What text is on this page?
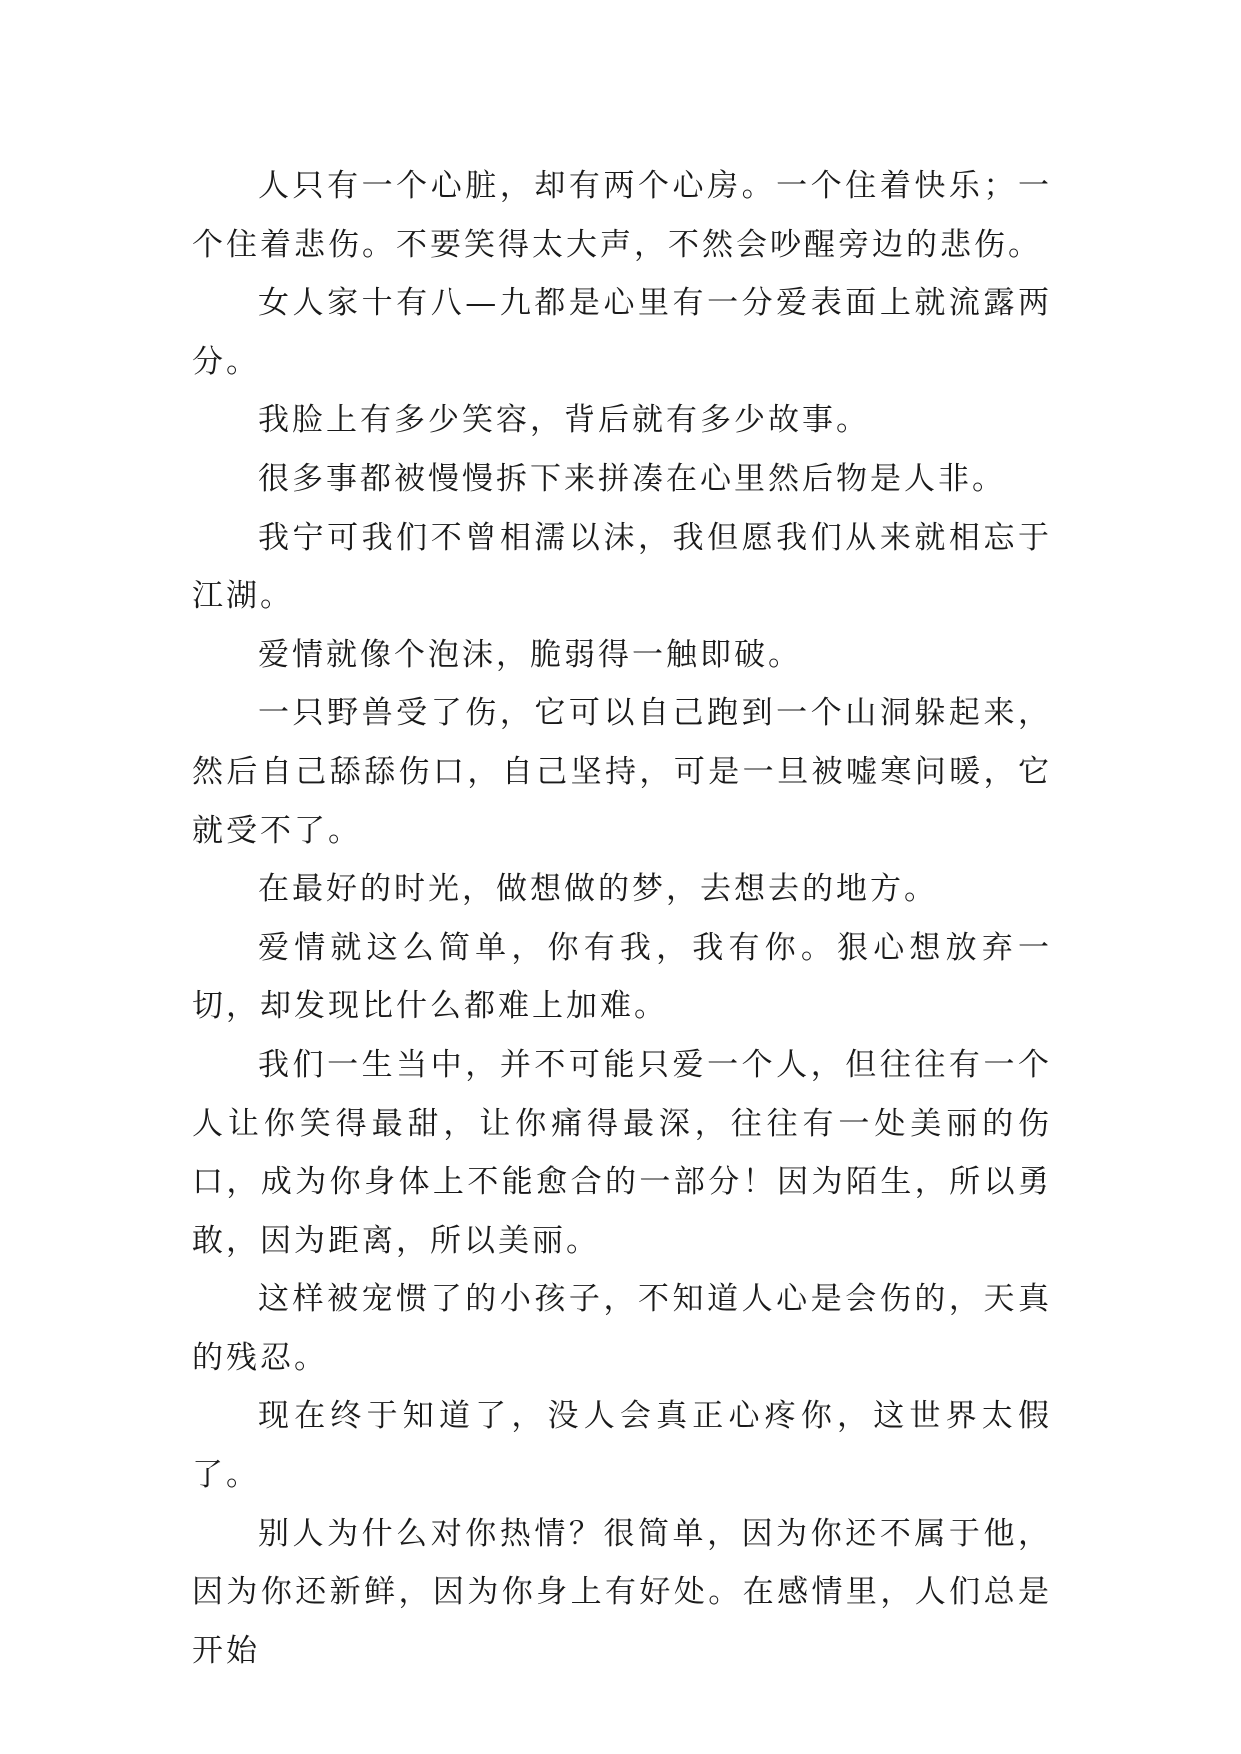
人只有一个心脏，却有两个心房。一个住着快乐；一个住着悲伤。不要笑得太大声，不然会吵醒旁边的悲伤。

女人家十有八—九都是心里有一分爱表面上就流露两分。

我脸上有多少笑容，背后就有多少故事。

很多事都被慢慢拆下来拼凑在心里然后物是人非。

我宁可我们不曾相濡以沫，我但愿我们从来就相忘于江湖。

爱情就像个泡沫，脆弱得一触即破。

一只野兽受了伤，它可以自己跑到一个山洞躲起来，然后自己舔舔伤口，自己坚持，可是一旦被嘘寒问暖，它就受不了。

在最好的时光，做想做的梦，去想去的地方。

爱情就这么简单，你有我，我有你。狠心想放弃一切，却发现比什么都难上加难。

我们一生当中，并不可能只爱一个人，但往往有一个人让你笑得最甜，让你痛得最深，往往有一处美丽的伤口，成为你身体上不能愈合的一部分！因为陌生，所以勇敢，因为距离，所以美丽。

这样被宠惯了的小孩子，不知道人心是会伤的，天真的残忍。

现在终于知道了，没人会真正心疼你，这世界太假了。

别人为什么对你热情？很简单，因为你还不属于他，因为你还新鲜，因为你身上有好处。在感情里，人们总是开始
